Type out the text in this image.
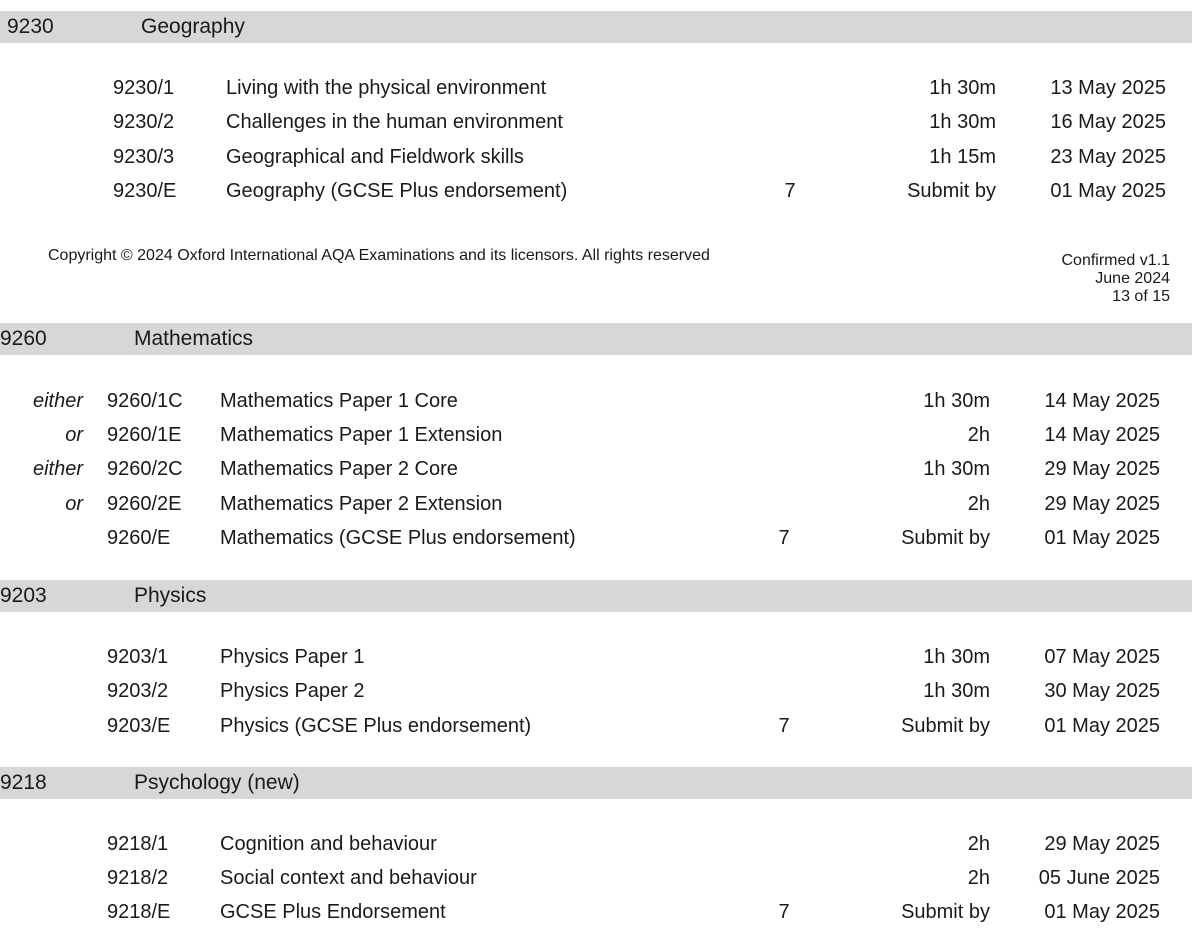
Copyright © 2024 Oxford International AQA Examinations and its licensors. All rights reserved	Confirmed v1.1
June 2024
13 of 15
9230	Geography
9230/1	Living with the physical environment	1h 30m	13 May 2025
9230/2	Challenges in the human environment	1h 30m	16 May 2025
9230/3	Geographical and Fieldwork skills	1h 15m	23 May 2025
9230/E Geography (GCSE Plus endorsement)	7	Submit by	01 May 2025
9260	Mathematics
either 9260/1C Mathematics Paper 1 Core	1h 30m	14 May 2025
or 9260/1E Mathematics Paper 1 Extension	2h	14 May 2025
either 9260/2C Mathematics Paper 2 Core	1h 30m	29 May 2025
or 9260/2E Mathematics Paper 2 Extension	2h	29 May 2025
9260/E Mathematics (GCSE Plus endorsement)	7	Submit by	01 May 2025
9203	Physics
9203/1	Physics Paper 1	1h 30m	07 May 2025
9203/2	Physics Paper 2	1h 30m	30 May 2025
9203/E Physics (GCSE Plus endorsement)	7	Submit by	01 May 2025
9218	Psychology (new)
9218/1	Cognition and behaviour	2h	29 May 2025
9218/2	Social context and behaviour	2h	05 June 2025
9218/E GCSE Plus Endorsement	7	Submit by	01 May 2025
